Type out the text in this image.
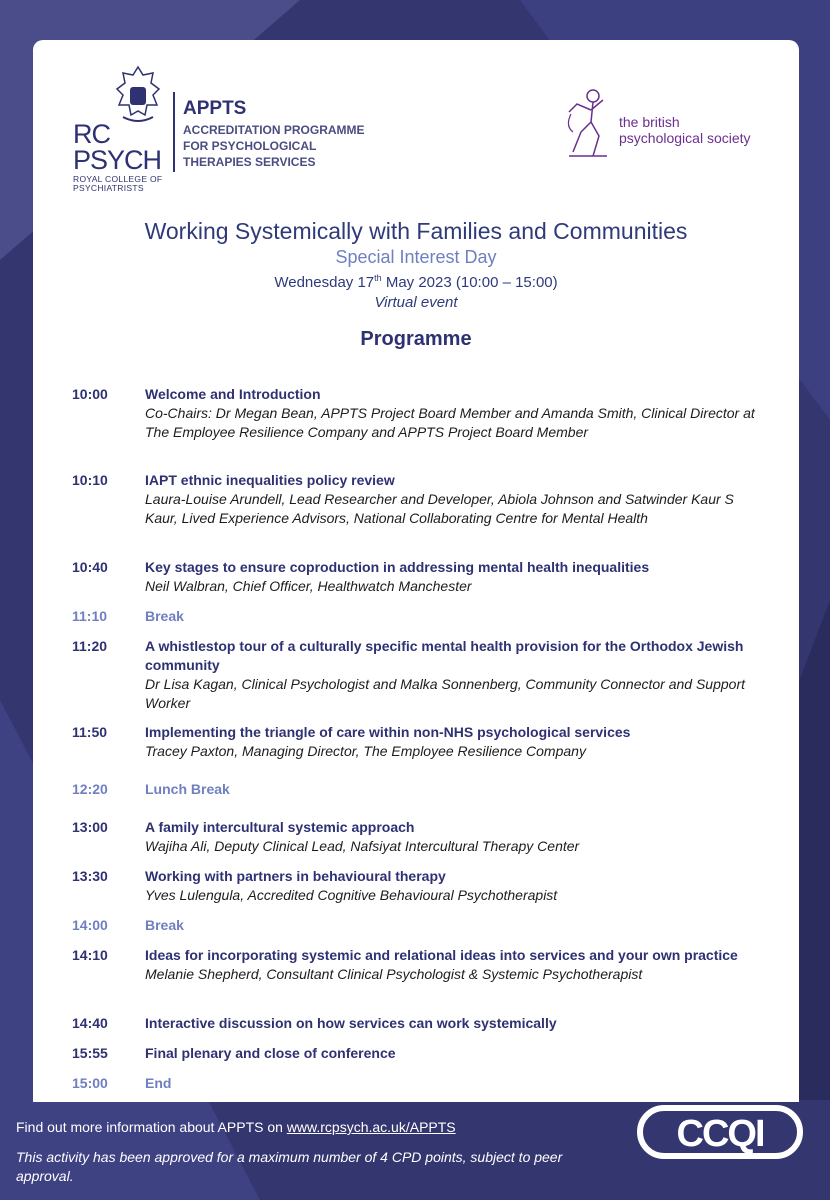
RC
PSYCH
ROYAL COLLEGE OF
PSYCHIATRISTS
APPTS
ACCREDITATION PROGRAMME
FOR PSYCHOLOGICAL
THERAPIES SERVICES
the british
psychological society
Working Systemically with Families and Communities
Special Interest Day
Wednesday 17th May 2023 (10:00 – 15:00)
Virtual event
Programme
10:00	Welcome and Introduction
Co-Chairs: Dr Megan Bean, APPTS Project Board Member and Amanda Smith, Clinical Director at The Employee Resilience Company and APPTS Project Board Member
10:10	IAPT ethnic inequalities policy review
Laura-Louise Arundell, Lead Researcher and Developer, Abiola Johnson and Satwinder Kaur S Kaur, Lived Experience Advisors, National Collaborating Centre for Mental Health
10:40	Key stages to ensure coproduction in addressing mental health inequalities
Neil Walbran, Chief Officer, Healthwatch Manchester
11:10	Break
11:20	A whistlestop tour of a culturally specific mental health provision for the Orthodox Jewish community
Dr Lisa Kagan, Clinical Psychologist and Malka Sonnenberg, Community Connector and Support Worker
11:50	Implementing the triangle of care within non-NHS psychological services
Tracey Paxton, Managing Director, The Employee Resilience Company
12:20	Lunch Break
13:00	A family intercultural systemic approach
Wajiha Ali, Deputy Clinical Lead, Nafsiyat Intercultural Therapy Center
13:30	Working with partners in behavioural therapy
Yves Lulengula, Accredited Cognitive Behavioural Psychotherapist
14:00	Break
14:10	Ideas for incorporating systemic and relational ideas into services and your own practice
Melanie Shepherd, Consultant Clinical Psychologist & Systemic Psychotherapist
14:40	Interactive discussion on how services can work systemically
15:55	Final plenary and close of conference
15:00	End
Find out more information about APPTS on www.rcpsych.ac.uk/APPTS
This activity has been approved for a maximum number of 4 CPD points, subject to peer approval.
CCQI
